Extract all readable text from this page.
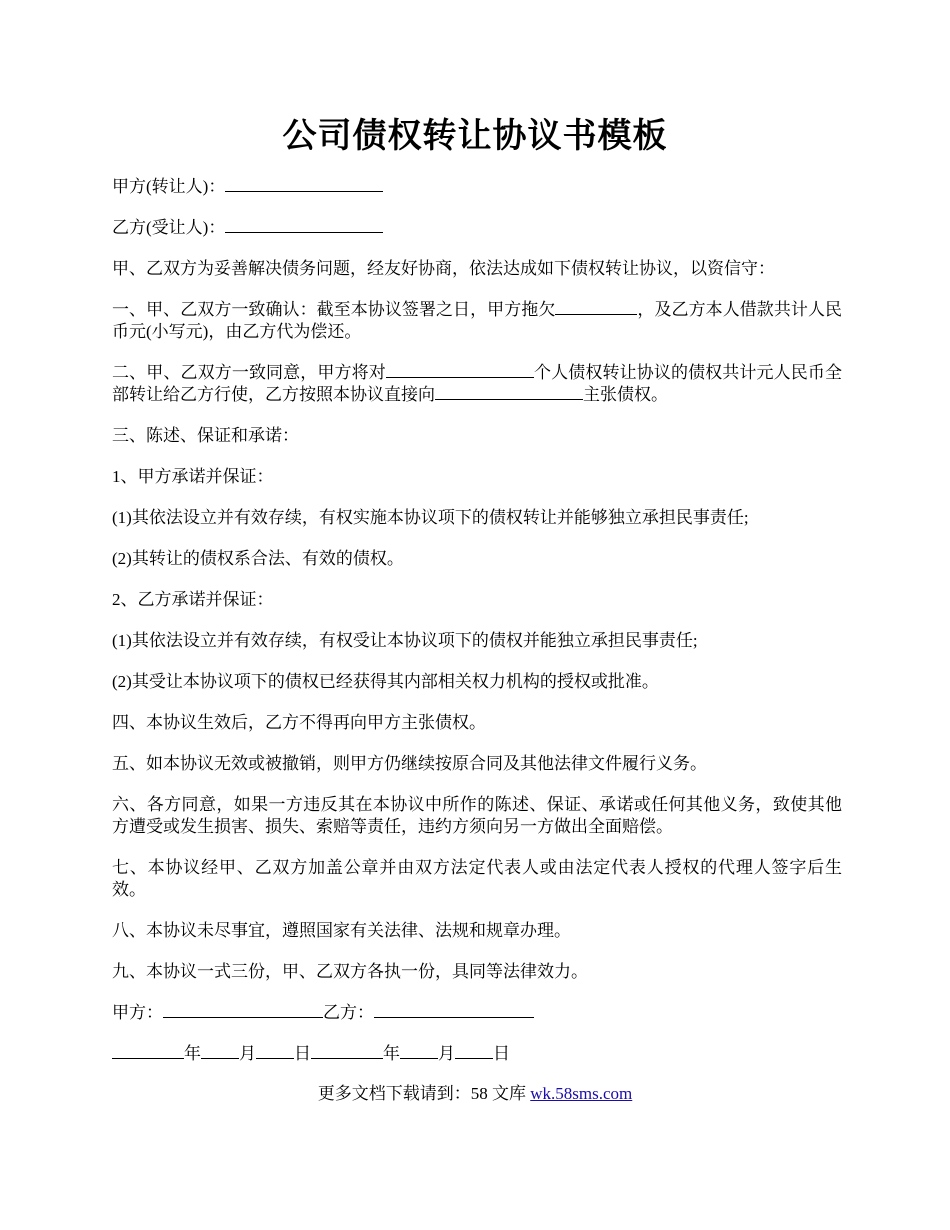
公司债权转让协议书模板

甲方(转让人)：

乙方(受让人)：

甲、乙双方为妥善解决债务问题，经友好协商，依法达成如下债权转让协议，以资信守：

一、甲、乙双方一致确认：截至本协议签署之日，甲方拖欠	，及乙方本人借款共计人民币元(小写元)，由乙方代为偿还。

二、甲、乙双方一致同意，甲方将对	个人债权转让协议的债权共计元人民币全部转让给乙方行使，乙方按照本协议直接向	主张债权。

三、陈述、保证和承诺：

1、甲方承诺并保证：

(1)其依法设立并有效存续，有权实施本协议项下的债权转让并能够独立承担民事责任;

(2)其转让的债权系合法、有效的债权。

2、乙方承诺并保证：

(1)其依法设立并有效存续，有权受让本协议项下的债权并能独立承担民事责任;

(2)其受让本协议项下的债权已经获得其内部相关权力机构的授权或批准。

四、本协议生效后，乙方不得再向甲方主张债权。

五、如本协议无效或被撤销，则甲方仍继续按原合同及其他法律文件履行义务。

六、各方同意，如果一方违反其在本协议中所作的陈述、保证、承诺或任何其他义务，致使其他方遭受或发生损害、损失、索赔等责任，违约方须向另一方做出全面赔偿。

七、本协议经甲、乙双方加盖公章并由双方法定代表人或由法定代表人授权的代理人签字后生效。

八、本协议未尽事宜，遵照国家有关法律、法规和规章办理。

九、本协议一式三份，甲、乙双方各执一份，具同等法律效力。

甲方：	乙方：

年 月 日	年 月 日

更多文档下载请到：58 文库 wk.58sms.com
